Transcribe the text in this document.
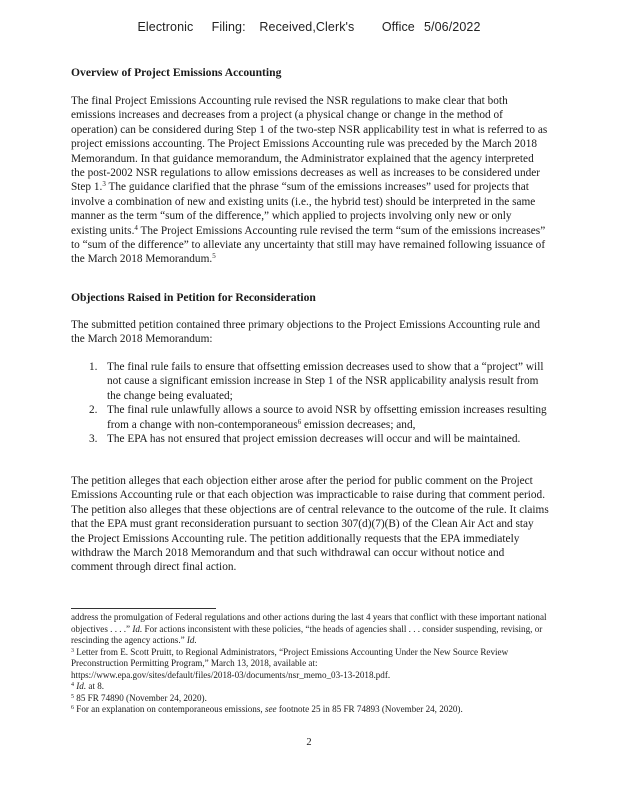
Electronic    Filing:   Received,Clerk's      Office  5/06/2022
Overview of Project Emissions Accounting

The final Project Emissions Accounting rule revised the NSR regulations to make clear that both emissions increases and decreases from a project (a physical change or change in the method of operation) can be considered during Step 1 of the two-step NSR applicability test in what is referred to as project emissions accounting. The Project Emissions Accounting rule was preceded by the March 2018 Memorandum. In that guidance memorandum, the Administrator explained that the agency interpreted the post-2002 NSR regulations to allow emissions decreases as well as increases to be considered under Step 1.$^3$ The guidance clarified that the phrase “sum of the emissions increases” used for projects that involve a combination of new and existing units (i.e., the hybrid test) should be interpreted in the same manner as the term “sum of the difference,” which applied to projects involving only new or only existing units.$^4$ The Project Emissions Accounting rule revised the term “sum of the emissions increases” to “sum of the difference” to alleviate any uncertainty that still may have remained following issuance of the March 2018 Memorandum.$^5$

Objections Raised in Petition for Reconsideration

The submitted petition contained three primary objections to the Project Emissions Accounting rule and the March 2018 Memorandum:

1. The final rule fails to ensure that offsetting emission decreases used to show that a “project” will not cause a significant emission increase in Step 1 of the NSR applicability analysis result from the change being evaluated;
2. The final rule unlawfully allows a source to avoid NSR by offsetting emission increases resulting from a change with non-contemporaneous$^6$ emission decreases; and,
3. The EPA has not ensured that project emission decreases will occur and will be maintained.

The petition alleges that each objection either arose after the period for public comment on the Project Emissions Accounting rule or that each objection was impracticable to raise during that comment period. The petition also alleges that these objections are of central relevance to the outcome of the rule. It claims that the EPA must grant reconsideration pursuant to section 307(d)(7)(B) of the Clean Air Act and stay the Project Emissions Accounting rule. The petition additionally requests that the EPA immediately withdraw the March 2018 Memorandum and that such withdrawal can occur without notice and comment through direct final action.

address the promulgation of Federal regulations and other actions during the last 4 years that conflict with these important national objectives . . . .” Id. For actions inconsistent with these policies, “the heads of agencies shall . . . consider suspending, revising, or rescinding the agency actions.” Id.

$^3$ Letter from E. Scott Pruitt, to Regional Administrators, “Project Emissions Accounting Under the New Source Review Preconstruction Permitting Program,” March 13, 2018, available at:
https://www.epa.gov/sites/default/files/2018-03/documents/nsr_memo_03-13-2018.pdf.

$^4$ Id. at 8.

$^5$ 85 FR 74890 (November 24, 2020).

$^6$ For an explanation on contemporaneous emissions, see footnote 25 in 85 FR 74893 (November 24, 2020).

2
